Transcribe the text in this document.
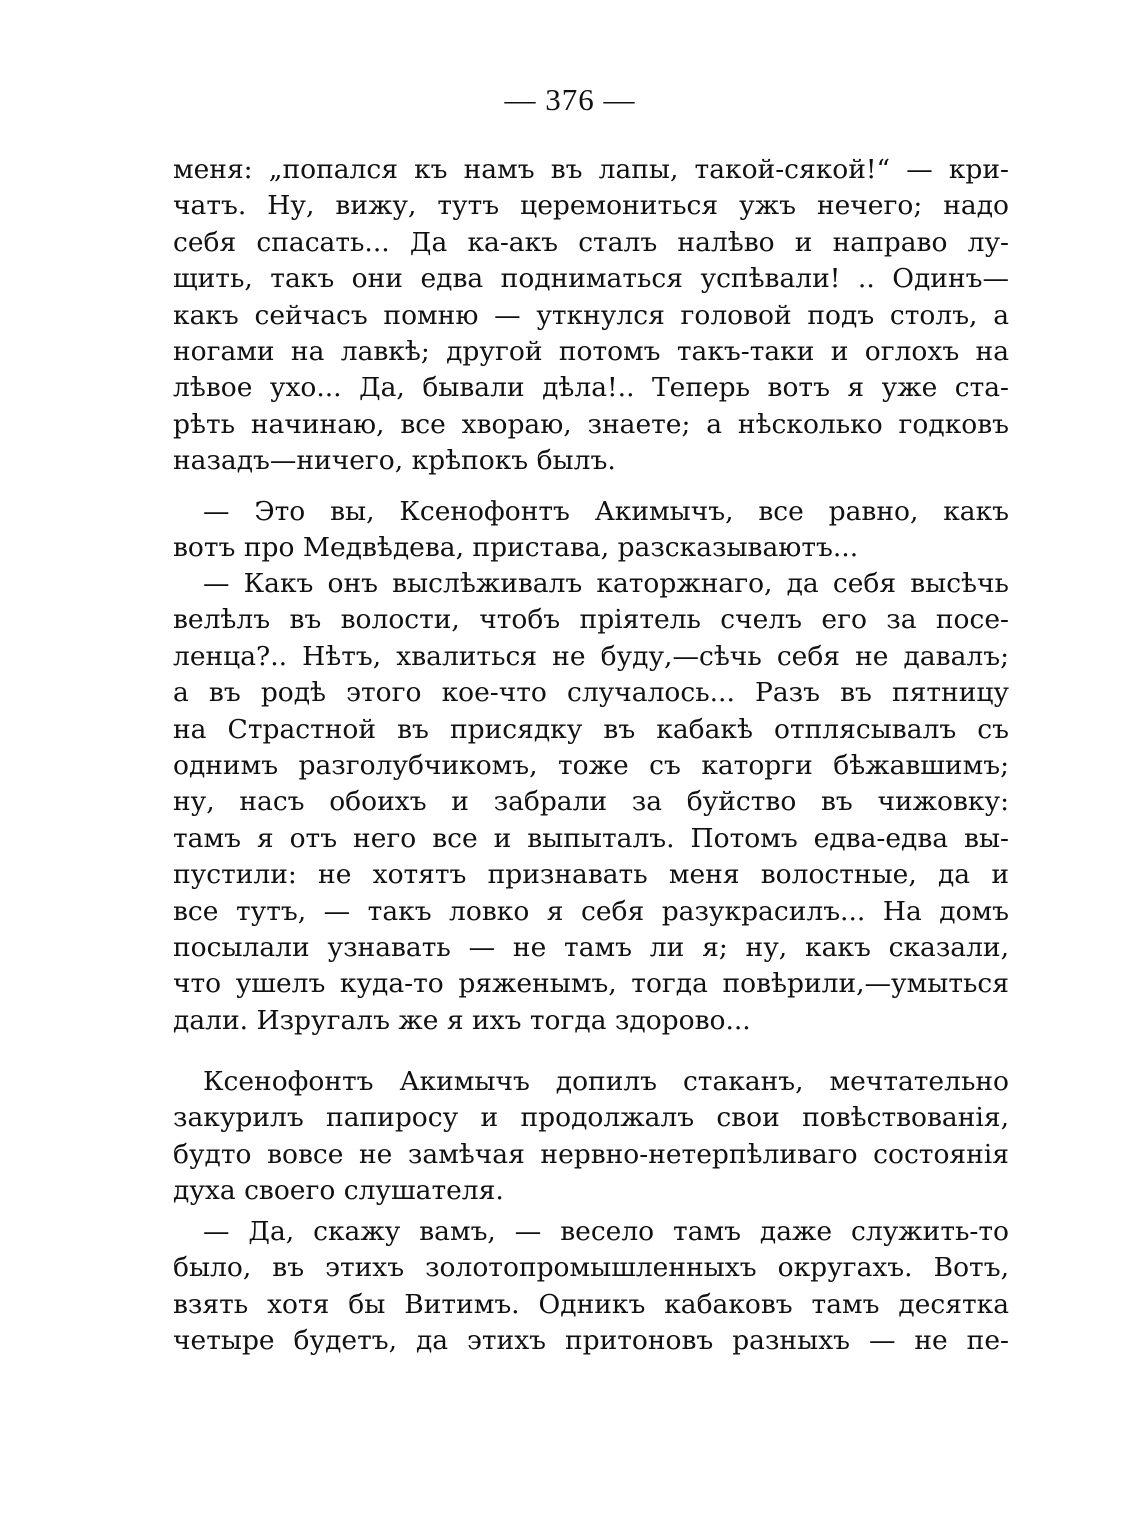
— 376 —
меня: „попался къ намъ въ лапы, такой-сякой!“ — кри-
чатъ. Ну, вижу, тутъ церемониться ужъ нечего; надо
себя спасать... Да ка-акъ сталъ налѣво и направо лу-
щить, такъ они едва подниматься успѣвали! .. Одинъ—
какъ сейчасъ помню — уткнулся головой подъ столъ, а
ногами на лавкѣ; другой потомъ такъ-таки и оглохъ на
лѣвое ухо... Да, бывали дѣла!.. Теперь вотъ я уже ста-
рѣть начинаю, все хвораю, знаете; а нѣсколько годковъ
назадъ—ничего, крѣпокъ былъ.
— Это вы, Ксенофонтъ Акимычъ, все равно, какъ
вотъ про Медвѣдева, пристава, разсказываютъ...
— Какъ онъ выслѣживалъ каторжнаго, да себя высѣчь
велѣлъ въ волости, чтобъ пріятель счелъ его за посе-
ленца?.. Нѣтъ, хвалиться не буду,—сѣчь себя не давалъ;
а въ родѣ этого кое-что случалось... Разъ въ пятницу
на Страстной въ присядку въ кабакѣ отплясывалъ съ
однимъ разголубчикомъ, тоже съ каторги бѣжавшимъ;
ну, насъ обоихъ и забрали за буйство въ чижовку:
тамъ я отъ него все и выпыталъ. Потомъ едва-едва вы-
пустили: не хотятъ признавать меня волостные, да и
все тутъ, — такъ ловко я себя разукрасилъ... На домъ
посылали узнавать — не тамъ ли я; ну, какъ сказали,
что ушелъ куда-то ряженымъ, тогда повѣрили,—умыться
дали. Изругалъ же я ихъ тогда здорово...
Ксенофонтъ Акимычъ допилъ стаканъ, мечтательно
закурилъ папиросу и продолжалъ свои повѣствованія,
будто вовсе не замѣчая нервно-нетерпѣливаго состоянія
духа своего слушателя.
— Да, скажу вамъ, — весело тамъ даже служить-то
было, въ этихъ золотопромышленныхъ округахъ. Вотъ,
взять хотя бы Витимъ. Одникъ кабаковъ тамъ десятка
четыре будетъ, да этихъ притоновъ разныхъ — не пе-
